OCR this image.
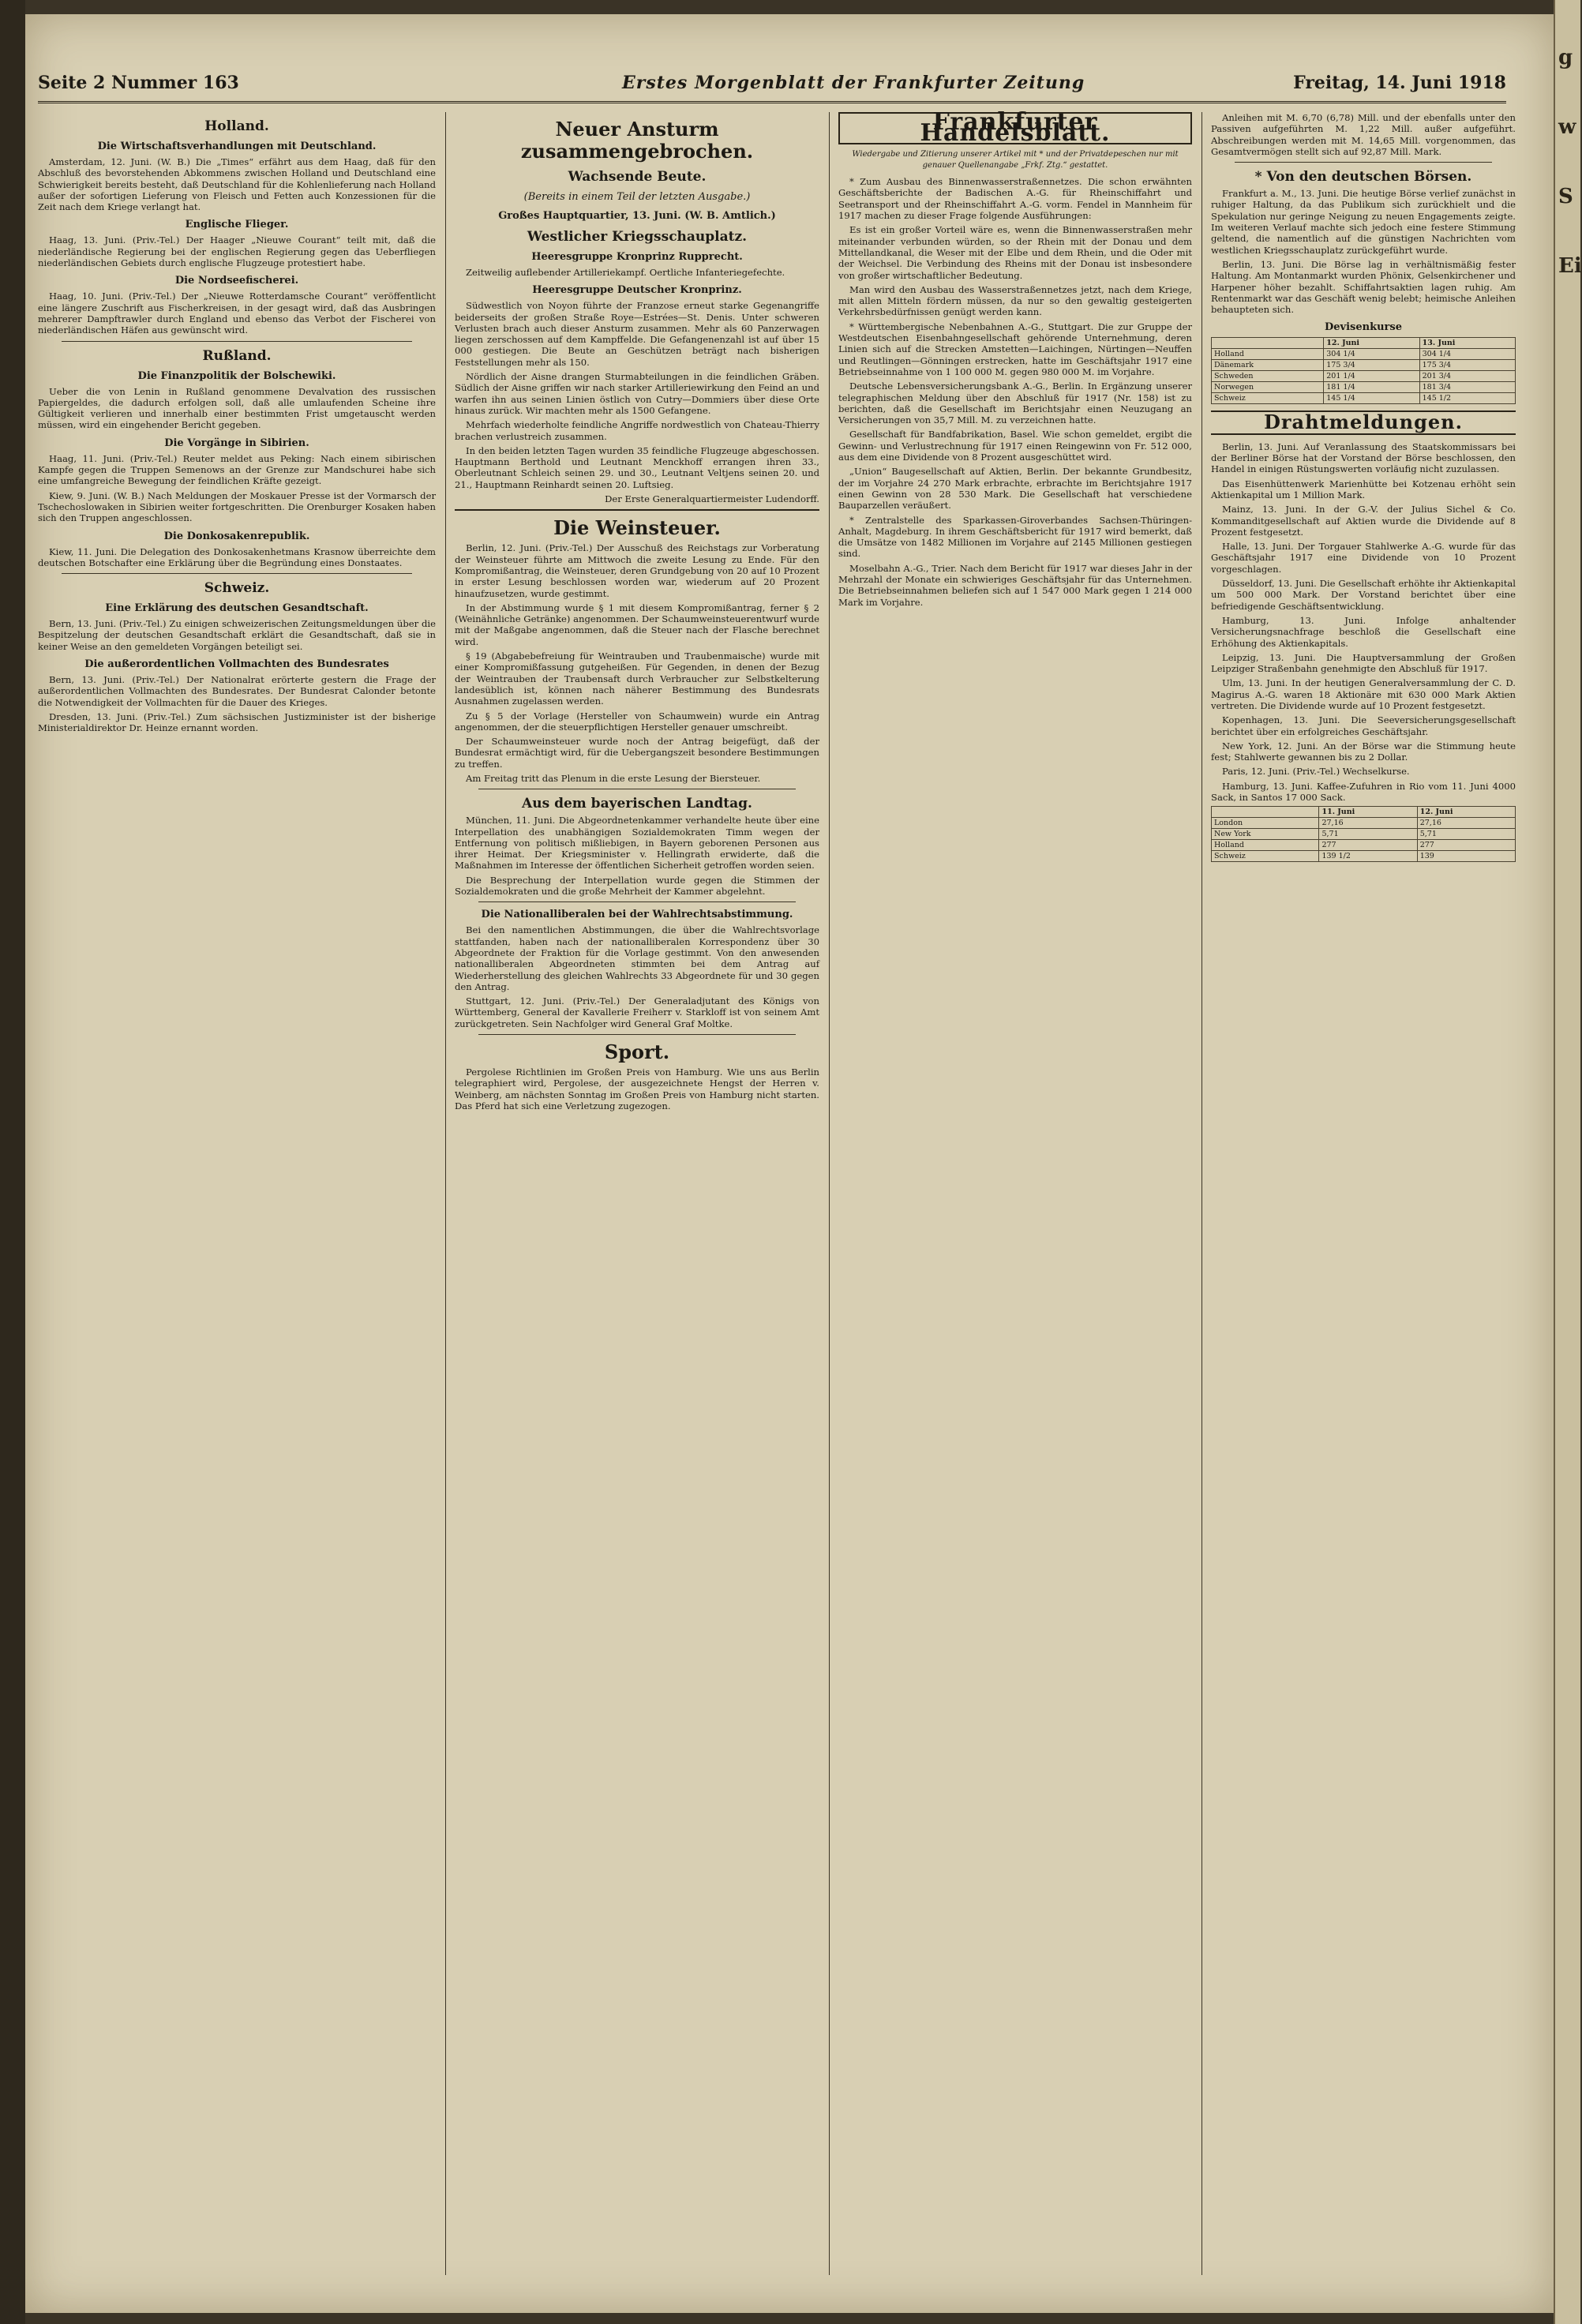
Seite 2 Nummer 163	Erstes Morgenblatt der Frankfurter Zeitung	Freitag, 14. Juni 1918
Holland.
Die Wirtschaftsverhandlungen mit Deutschland.

Amsterdam, 12. Juni. (W. B.) Die „Times“ erfährt aus dem Haag, daß für den Abschluß des bevorstehenden Abkommens zwischen Holland und Deutschland eine Schwierigkeit bereits besteht, daß Deutschland für die Kohlenlieferung nach Holland außer der sofortigen Lieferung von Fleisch und Fetten auch Konzessionen für die Zeit nach dem Kriege verlangt hat.

Englische Flieger.

Haag, 13. Juni. (Priv.-Tel.) Der Haager „Nieuwe Courant“ teilt mit, daß die niederländische Regierung bei der englischen Regierung gegen das Ueberfliegen niederländischen Gebiets durch englische Flugzeuge protestiert habe.

Die Nordseefischerei.

Haag, 10. Juni. (Priv.-Tel.) Der „Nieuwe Rotterdamsche Courant“ veröffentlicht eine längere Zuschrift aus Fischerkreisen, in der gesagt wird, daß das Ausbringen mehrerer Dampftrawler durch England und ebenso das Verbot der Fischerei von niederländischen Häfen aus gewünscht wird.

Rußland.
Die Finanzpolitik der Bolschewiki.

Ueber die von Lenin in Rußland genommene Devalvation des russischen Papiergeldes, die dadurch erfolgen soll, daß alle umlaufenden Scheine ihre Gültigkeit verlieren und innerhalb einer bestimmten Frist umgetauscht werden müssen, wird ein eingehender Bericht gegeben.

Die Vorgänge in Sibirien.

Haag, 11. Juni. (Priv.-Tel.) Reuter meldet aus Peking: Nach einem sibirischen Kampfe gegen die Truppen Semenows an der Grenze zur Mandschurei habe sich eine umfangreiche Bewegung der feindlichen Kräfte gezeigt.

Kiew, 9. Juni. (W. B.) Nach Meldungen der Moskauer Presse ist der Vormarsch der Tschechoslowaken in Sibirien weiter fortgeschritten. Die Orenburger Kosaken haben sich den Truppen angeschlossen.

Die Donkosakenrepublik.

Kiew, 11. Juni. Die Delegation des Donkosakenhetmans Krasnow überreichte dem deutschen Botschafter eine Erklärung über die Begründung eines Donstaates.

Schweiz.
Eine Erklärung des deutschen Gesandtschaft.

Bern, 13. Juni. (Priv.-Tel.) Zu einigen schweizerischen Zeitungsmeldungen über die Bespitzelung der deutschen Gesandtschaft erklärt die Gesandtschaft, daß sie in keiner Weise an den gemeldeten Vorgängen beteiligt sei.

Die außerordentlichen Vollmachten des Bundesrates

Bern, 13. Juni. (Priv.-Tel.) Der Nationalrat erörterte gestern die Frage der außerordentlichen Vollmachten des Bundesrates. Der Bundesrat Calonder betonte die Notwendigkeit der Vollmachten für die Dauer des Krieges.

Dresden, 13. Juni. (Priv.-Tel.) Zum sächsischen Justizminister ist der bisherige Ministerialdirektor Dr. Heinze ernannt worden.

Neuer Ansturm zusammengebrochen.
Wachsende Beute.
(Bereits in einem Teil der letzten Ausgabe.)
Großes Hauptquartier, 13. Juni. (W. B. Amtlich.)
Westlicher Kriegsschauplatz.
Heeresgruppe Kronprinz Rupprecht.

Zeitweilig auflebender Artilleriekampf. Oertliche Infanteriegefechte.

Heeresgruppe Deutscher Kronprinz.

Südwestlich von Noyon führte der Franzose erneut starke Gegenangriffe beiderseits der großen Straße Roye—Estrées—St. Denis. Unter schweren Verlusten brach auch dieser Ansturm zusammen. Mehr als 60 Panzerwagen liegen zerschossen auf dem Kampffelde. Die Gefangenenzahl ist auf über 15 000 gestiegen. Die Beute an Geschützen beträgt nach bisherigen Feststellungen mehr als 150.

Nördlich der Aisne drangen Sturmabteilungen in die feindlichen Gräben. Südlich der Aisne griffen wir nach starker Artilleriewirkung den Feind an und warfen ihn aus seinen Linien östlich von Cutry—Dommiers über diese Orte hinaus zurück. Wir machten mehr als 1500 Gefangene.

Mehrfach wiederholte feindliche Angriffe nordwestlich von Chateau-Thierry brachen verlustreich zusammen.

In den beiden letzten Tagen wurden 35 feindliche Flugzeuge abgeschossen. Hauptmann Berthold und Leutnant Menckhoff errangen ihren 33., Oberleutnant Schleich seinen 29. und 30., Leutnant Veltjens seinen 20. und 21., Hauptmann Reinhardt seinen 20. Luftsieg.

Der Erste Generalquartiermeister Ludendorff.

Die Weinsteuer.

Berlin, 12. Juni. (Priv.-Tel.) Der Ausschuß des Reichstags zur Vorberatung der Weinsteuer führte am Mittwoch die zweite Lesung zu Ende. Für den Kompromißantrag, die Weinsteuer, deren Grundgebung von 20 auf 10 Prozent in erster Lesung beschlossen worden war, wiederum auf 20 Prozent hinaufzusetzen, wurde gestimmt.

In der Abstimmung wurde § 1 mit diesem Kompromißantrag, ferner § 2 (Weinähnliche Getränke) angenommen. Der Schaumweinsteuerentwurf wurde mit der Maßgabe angenommen, daß die Steuer nach der Flasche berechnet wird.

§ 19 (Abgabebefreiung für Weintrauben und Traubenmaische) wurde mit einer Kompromißfassung gutgeheißen. Für Gegenden, in denen der Bezug der Weintrauben der Traubensaft durch Verbraucher zur Selbstkelterung landesüblich ist, können nach näherer Bestimmung des Bundesrats Ausnahmen zugelassen werden.

Zu § 5 der Vorlage (Hersteller von Schaumwein) wurde ein Antrag angenommen, der die steuerpflichtigen Hersteller genauer umschreibt.

Der Schaumweinsteuer wurde noch der Antrag beigefügt, daß der Bundesrat ermächtigt wird, für die Uebergangszeit besondere Bestimmungen zu treffen.

Am Freitag tritt das Plenum in die erste Lesung der Biersteuer.

Aus dem bayerischen Landtag.

München, 11. Juni. Die Abgeordnetenkammer verhandelte heute über eine Interpellation des unabhängigen Sozialdemokraten Timm wegen der Entfernung von politisch mißliebigen, in Bayern geborenen Personen aus ihrer Heimat. Der Kriegsminister v. Hellingrath erwiderte, daß die Maßnahmen im Interesse der öffentlichen Sicherheit getroffen worden seien.

Die Besprechung der Interpellation wurde gegen die Stimmen der Sozialdemokraten und die große Mehrheit der Kammer abgelehnt.

Die Nationalliberalen bei der Wahlrechtsabstimmung.

Bei den namentlichen Abstimmungen, die über die Wahlrechtsvorlage stattfanden, haben nach der nationalliberalen Korrespondenz über 30 Abgeordnete der Fraktion für die Vorlage gestimmt. Von den anwesenden nationalliberalen Abgeordneten stimmten bei dem Antrag auf Wiederherstellung des gleichen Wahlrechts 33 Abgeordnete für und 30 gegen den Antrag.

Stuttgart, 12. Juni. (Priv.-Tel.) Der Generaladjutant des Königs von Württemberg, General der Kavallerie Freiherr v. Starkloff ist von seinem Amt zurückgetreten. Sein Nachfolger wird General Graf Moltke.

Sport.

Pergolese Richtlinien im Großen Preis von Hamburg. Wie uns aus Berlin telegraphiert wird, Pergolese, der ausgezeichnete Hengst der Herren v. Weinberg, am nächsten Sonntag im Großen Preis von Hamburg nicht starten. Das Pferd hat sich eine Verletzung zugezogen.

Frankfurter Handelsblatt.
Wiedergabe und Zitierung unserer Artikel mit * und der Privatdepeschen nur mit genauer Quellenangabe „Frkf. Ztg.“ gestattet.

* Zum Ausbau des Binnenwasserstraßennetzes. Die schon erwähnten Geschäftsberichte der Badischen A.-G. für Rheinschiffahrt und Seetransport und der Rheinschiffahrt A.-G. vorm. Fendel in Mannheim für 1917 machen zu dieser Frage folgende Ausführungen:

Es ist ein großer Vorteil wäre es, wenn die Binnenwasserstraßen mehr miteinander verbunden würden, so der Rhein mit der Donau und dem Mittellandkanal, die Weser mit der Elbe und dem Rhein, und die Oder mit der Weichsel. Die Verbindung des Rheins mit der Donau ist insbesondere von großer wirtschaftlicher Bedeutung.

Man wird den Ausbau des Wasserstraßennetzes jetzt, nach dem Kriege, mit allen Mitteln fördern müssen, da nur so den gewaltig gesteigerten Verkehrsbedürfnissen genügt werden kann.

* Württembergische Nebenbahnen A.-G., Stuttgart. Die zur Gruppe der Westdeutschen Eisenbahngesellschaft gehörende Unternehmung, deren Linien sich auf die Strecken Amstetten—Laichingen, Nürtingen—Neuffen und Reutlingen—Gönningen erstrecken, hatte im Geschäftsjahr 1917 eine Betriebseinnahme von 1 100 000 M. gegen 980 000 M. im Vorjahre.

Deutsche Lebensversicherungsbank A.-G., Berlin. In Ergänzung unserer telegraphischen Meldung über den Abschluß für 1917 (Nr. 158) ist zu berichten, daß die Gesellschaft im Berichtsjahr einen Neuzugang an Versicherungen von 35,7 Mill. M. zu verzeichnen hatte.

Gesellschaft für Bandfabrikation, Basel. Wie schon gemeldet, ergibt die Gewinn- und Verlustrechnung für 1917 einen Reingewinn von Fr. 512 000, aus dem eine Dividende von 8 Prozent ausgeschüttet wird.

„Union“ Baugesellschaft auf Aktien, Berlin. Der bekannte Grundbesitz, der im Vorjahre 24 270 Mark erbrachte, erbrachte im Berichtsjahre 1917 einen Gewinn von 28 530 Mark. Die Gesellschaft hat verschiedene Bauparzellen veräußert.

* Zentralstelle des Sparkassen-Giroverbandes Sachsen-Thüringen-Anhalt, Magdeburg. In ihrem Geschäftsbericht für 1917 wird bemerkt, daß die Umsätze von 1482 Millionen im Vorjahre auf 2145 Millionen gestiegen sind.

Moselbahn A.-G., Trier. Nach dem Bericht für 1917 war dieses Jahr in der Mehrzahl der Monate ein schwieriges Geschäftsjahr für das Unternehmen. Die Betriebseinnahmen beliefen sich auf 1 547 000 Mark gegen 1 214 000 Mark im Vorjahre.

Anleihen mit M. 6,70 (6,78) Mill. und der ebenfalls unter den Passiven aufgeführten M. 1,22 Mill. außer aufgeführt. Abschreibungen werden mit M. 14,65 Mill. vorgenommen, das Gesamtvermögen stellt sich auf 92,87 Mill. Mark.

* Von den deutschen Börsen.

Frankfurt a. M., 13. Juni. Die heutige Börse verlief zunächst in ruhiger Haltung, da das Publikum sich zurückhielt und die Spekulation nur geringe Neigung zu neuen Engagements zeigte. Im weiteren Verlauf machte sich jedoch eine festere Stimmung geltend, die namentlich auf die günstigen Nachrichten vom westlichen Kriegsschauplatz zurückgeführt wurde.

Berlin, 13. Juni. Die Börse lag in verhältnismäßig fester Haltung. Am Montanmarkt wurden Phönix, Gelsenkirchener und Harpener höher bezahlt. Schiffahrtsaktien lagen ruhig. Am Rentenmarkt war das Geschäft wenig belebt; heimische Anleihen behaupteten sich.

Devisenkurse
	12. Juni	13. Juni
Holland	304 1/4	304 1/4
Dänemark	175 3/4	175 3/4
Schweden	201 1/4	201 3/4
Norwegen	181 1/4	181 3/4
Schweiz	145 1/4	145 1/2
Drahtmeldungen.

Berlin, 13. Juni. Auf Veranlassung des Staatskommissars bei der Berliner Börse hat der Vorstand der Börse beschlossen, den Handel in einigen Rüstungswerten vorläufig nicht zuzulassen.

Das Eisenhüttenwerk Marienhütte bei Kotzenau erhöht sein Aktienkapital um 1 Million Mark.

Mainz, 13. Juni. In der G.-V. der Julius Sichel & Co. Kommanditgesellschaft auf Aktien wurde die Dividende auf 8 Prozent festgesetzt.

Halle, 13. Juni. Der Torgauer Stahlwerke A.-G. wurde für das Geschäftsjahr 1917 eine Dividende von 10 Prozent vorgeschlagen.

Düsseldorf, 13. Juni. Die Gesellschaft erhöhte ihr Aktienkapital um 500 000 Mark. Der Vorstand berichtet über eine befriedigende Geschäftsentwicklung.

Hamburg, 13. Juni. Infolge anhaltender Versicherungsnachfrage beschloß die Gesellschaft eine Erhöhung des Aktienkapitals.

Leipzig, 13. Juni. Die Hauptversammlung der Großen Leipziger Straßenbahn genehmigte den Abschluß für 1917.

Ulm, 13. Juni. In der heutigen Generalversammlung der C. D. Magirus A.-G. waren 18 Aktionäre mit 630 000 Mark Aktien vertreten. Die Dividende wurde auf 10 Prozent festgesetzt.

Kopenhagen, 13. Juni. Die Seeversicherungsgesellschaft berichtet über ein erfolgreiches Geschäftsjahr.

New York, 12. Juni. An der Börse war die Stimmung heute fest; Stahlwerte gewannen bis zu 2 Dollar.

Paris, 12. Juni. (Priv.-Tel.) Wechselkurse.

Hamburg, 13. Juni. Kaffee-Zufuhren in Rio vom 11. Juni 4000 Sack, in Santos 17 000 Sack.

	11. Juni	12. Juni
London	27,16	27,16
New York	5,71	5,71
Holland	277	277
Schweiz	139 1/2	139
g
w
S
Ei
